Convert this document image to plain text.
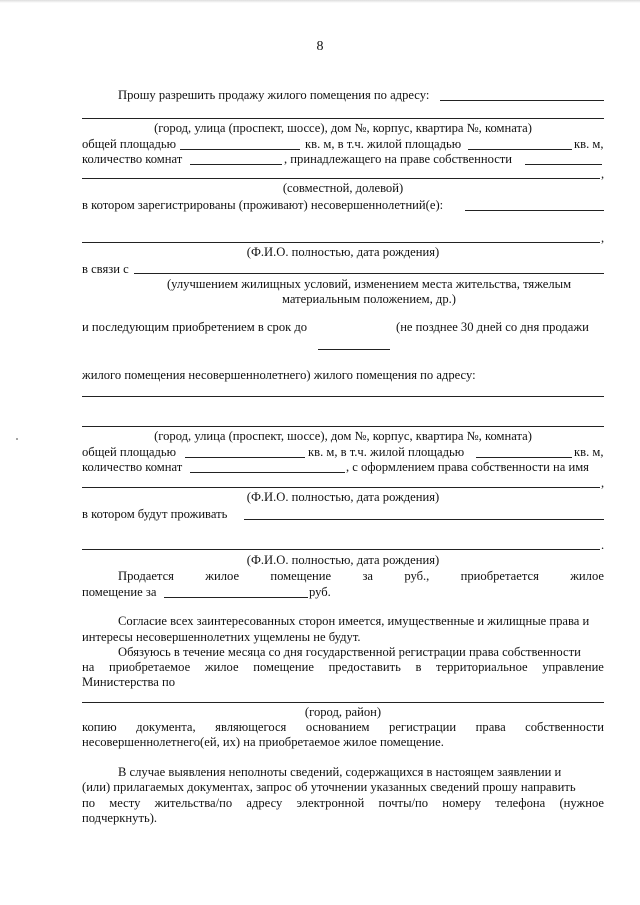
8
Прошу разрешить продажу жилого помещения по адресу:
(город, улица (проспект, шоссе), дом №, корпус, квартира №, комната)
общей площадью	кв. м, в т.ч. жилой площадью	кв. м,
количество комнат	, принадлежащего на праве собственности
,
(совместной, долевой)
в котором зарегистрированы (проживают) несовершеннолетний(е):
,
(Ф.И.О. полностью, дата рождения)
в связи с
(улучшением жилищных условий, изменением места жительства, тяжелым
материальным положением, др.)
и последующим приобретением в срок до	(не позднее 30 дней со дня продажи
жилого помещения несовершеннолетнего) жилого помещения по адресу:
(город, улица (проспект, шоссе), дом №, корпус, квартира №, комната)
общей площадью	кв. м, в т.ч. жилой площадью	кв. м,
количество комнат	, с оформлением права собственности на имя
,
(Ф.И.О. полностью, дата рождения)
в котором будут проживать
.
(Ф.И.О. полностью, дата рождения)
Продается жилое помещение за руб., приобретается жилое
помещение за	руб.
Согласие всех заинтересованных сторон имеется, имущественные и жилищные права и
интересы несовершеннолетних ущемлены не будут.
Обязуюсь в течение месяца со дня государственной регистрации права собственности
на приобретаемое жилое помещение предоставить в территориальное управление
Министерства по
(город, район)
копию документа, являющегося основанием регистрации права собственности
несовершеннолетнего(ей, их) на приобретаемое жилое помещение.
В случае выявления неполноты сведений, содержащихся в настоящем заявлении и
(или) прилагаемых документах, запрос об уточнении указанных сведений прошу направить
по месту жительства/по адресу электронной почты/по номеру телефона (нужное
подчеркнуть).
